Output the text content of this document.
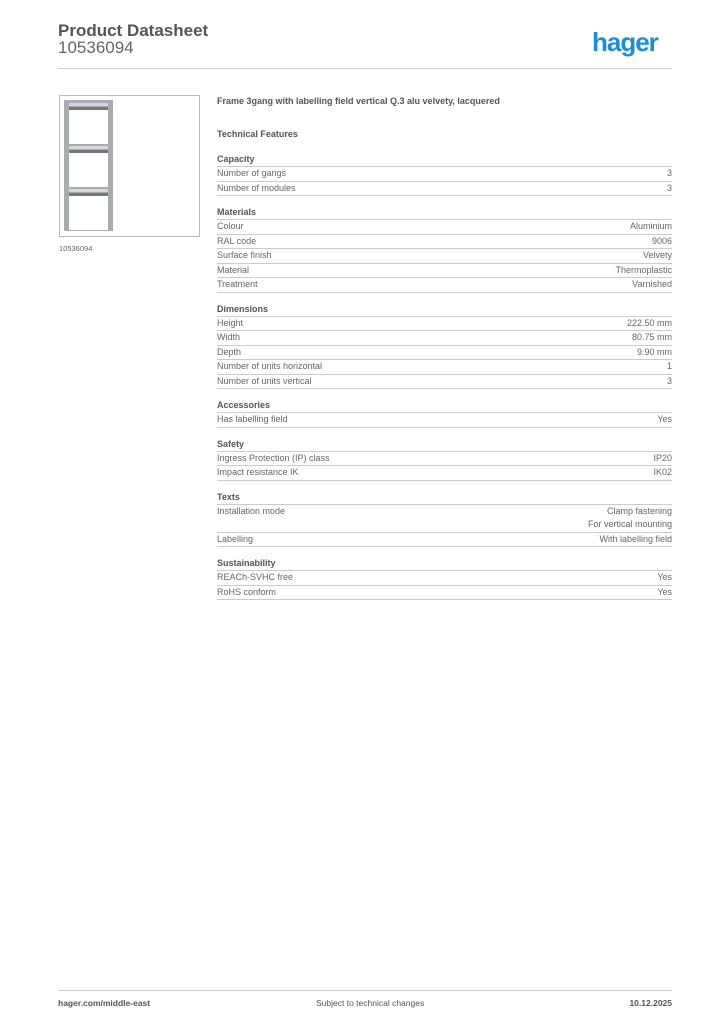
Product Datasheet
10536094	hager
10536094
Frame 3gang with labelling field vertical Q.3 alu velvety, lacquered
Technical Features
Capacity
Number of gangs	3
Number of modules	3
Materials
Colour	Aluminium
RAL code	9006
Surface finish	Velvety
Material	Thermoplastic
Treatment	Varnished
Dimensions
Height	222.50 mm
Width	80.75 mm
Depth	9.90 mm
Number of units horizontal	1
Number of units vertical	3
Accessories
Has labelling field	Yes
Safety
Ingress Protection (IP) class	IP20
Impact resistance IK	IK02
Texts
Installation mode	Clamp fastening
For vertical mounting
Labelling	With labelling field
Sustainability
REACh-SVHC free	Yes
RoHS conform	Yes
hager.com/middle-east	Subject to technical changes	10.12.2025
